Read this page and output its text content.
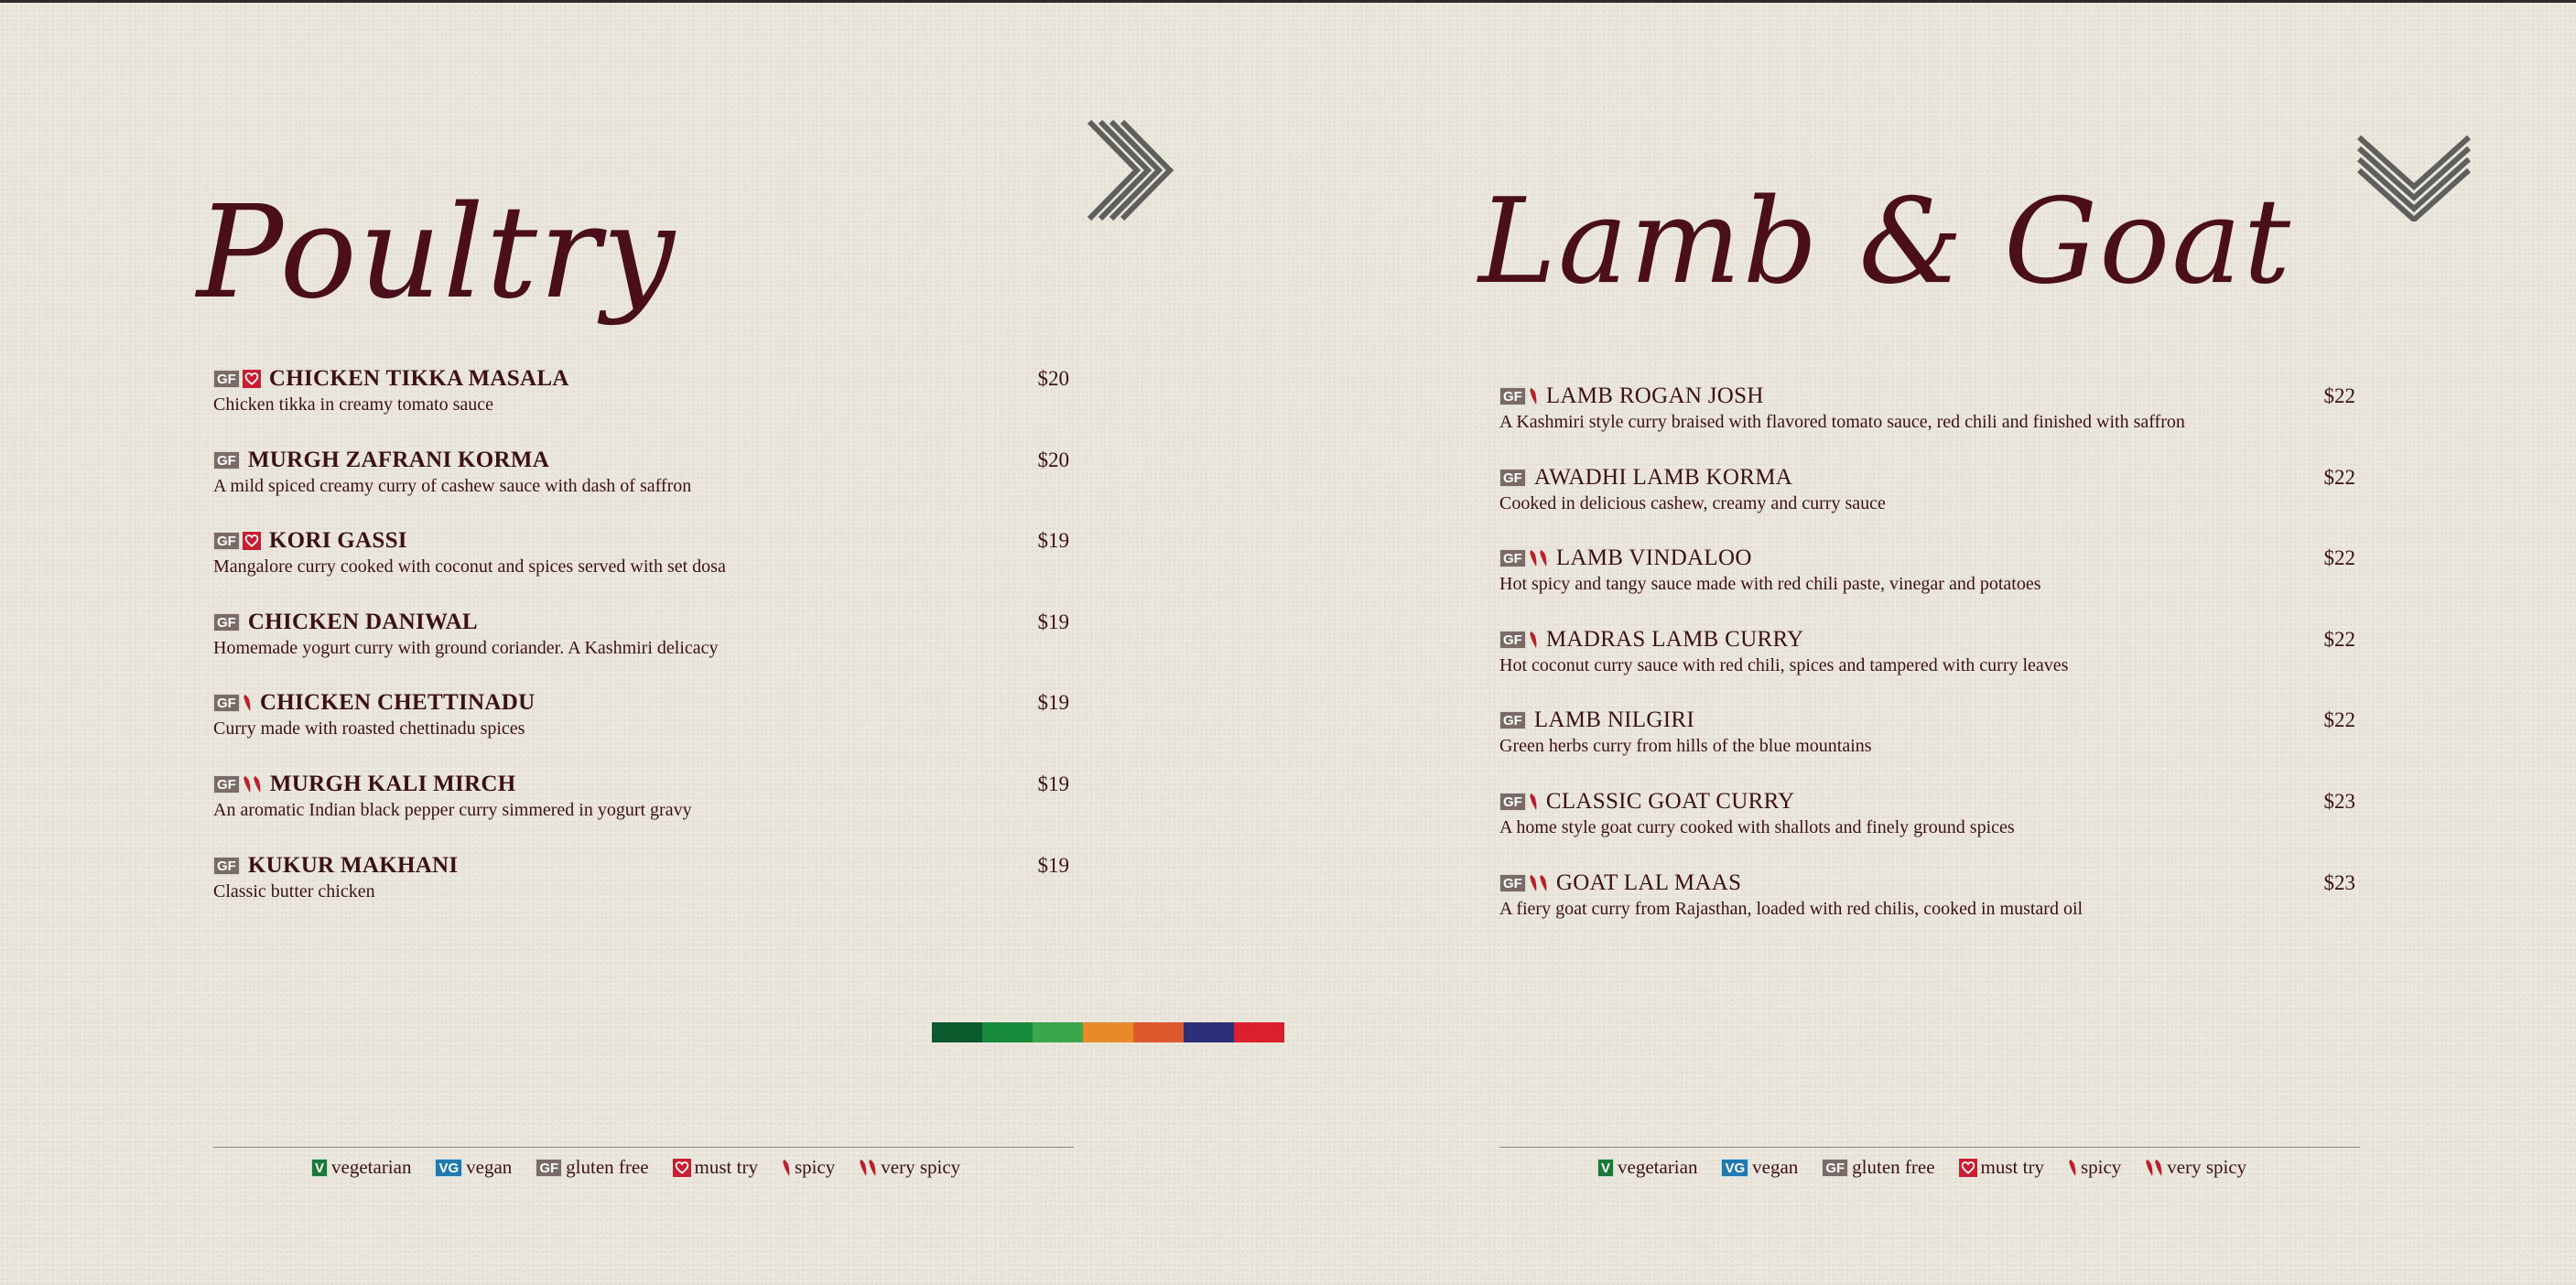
Poultry
GF CHICKEN TIKKA MASALA	$20
Chicken tikka in creamy tomato sauce
GF MURGH ZAFRANI KORMA	$20
A mild spiced creamy curry of cashew sauce with dash of saffron
GF KORI GASSI	$19
Mangalore curry cooked with coconut and spices served with set dosa
GF CHICKEN DANIWAL	$19
Homemade yogurt curry with ground coriander. A Kashmiri delicacy
GF CHICKEN CHETTINADU	$19
Curry made with roasted chettinadu spices
GF MURGH KALI MIRCH	$19
An aromatic Indian black pepper curry simmered in yogurt gravy
GF KUKUR MAKHANI	$19
Classic butter chicken
V vegetarian VG vegan GF gluten free must try spicy very spicy
Lamb & Goat
GF LAMB ROGAN JOSH	$22
A Kashmiri style curry braised with flavored tomato sauce, red chili and finished with saffron
GF AWADHI LAMB KORMA	$22
Cooked in delicious cashew, creamy and curry sauce
GF LAMB VINDALOO	$22
Hot spicy and tangy sauce made with red chili paste, vinegar and potatoes
GF MADRAS LAMB CURRY	$22
Hot coconut curry sauce with red chili, spices and tampered with curry leaves
GF LAMB NILGIRI	$22
Green herbs curry from hills of the blue mountains
GF CLASSIC GOAT CURRY	$23
A home style goat curry cooked with shallots and finely ground spices
GF GOAT LAL MAAS	$23
A fiery goat curry from Rajasthan, loaded with red chilis, cooked in mustard oil
V vegetarian VG vegan GF gluten free must try spicy very spicy
